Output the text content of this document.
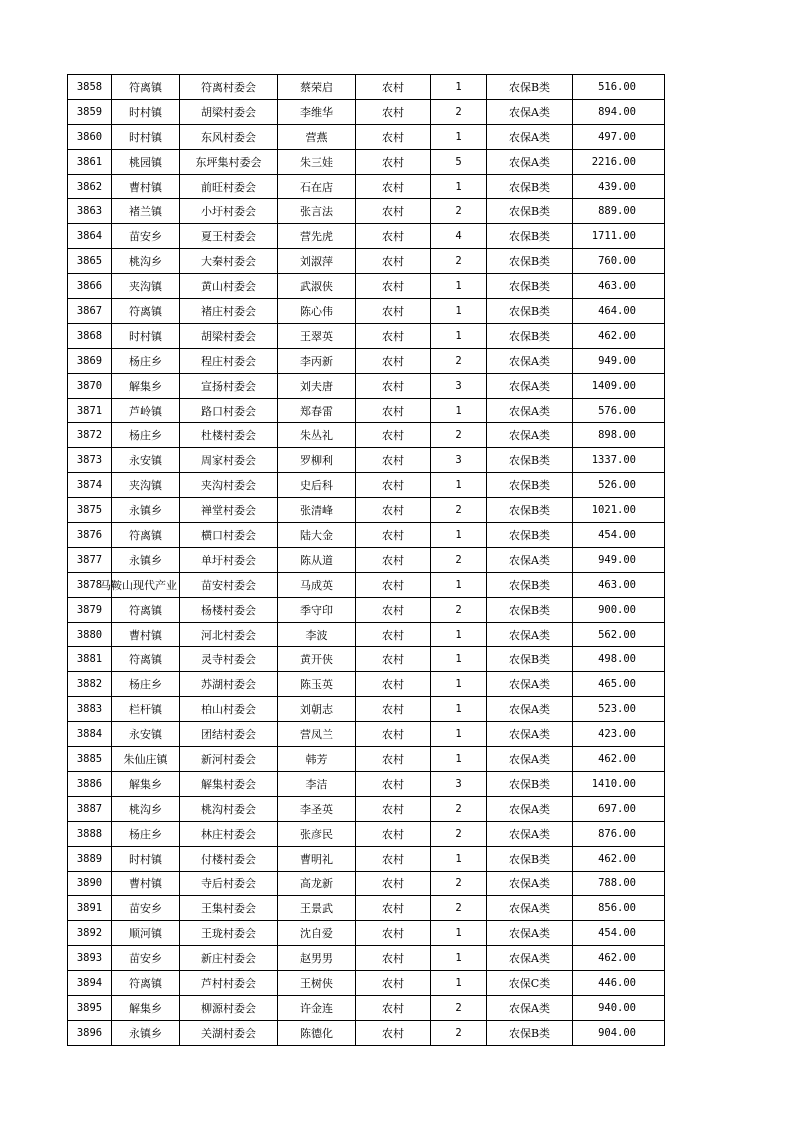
3858	符离镇	符离村委会	蔡荣启	农村	1	农保B类	516.00
3859	时村镇	胡梁村委会	李维华	农村	2	农保A类	894.00
3860	时村镇	东风村委会	营燕	农村	1	农保A类	497.00
3861	桃园镇	东坪集村委会	朱三娃	农村	5	农保A类	2216.00
3862	曹村镇	前旺村委会	石在店	农村	1	农保B类	439.00
3863	褚兰镇	小圩村委会	张言法	农村	2	农保B类	889.00
3864	苗安乡	夏王村委会	营先虎	农村	4	农保B类	1711.00
3865	桃沟乡	大秦村委会	刘淑萍	农村	2	农保B类	760.00
3866	夹沟镇	黄山村委会	武淑侠	农村	1	农保B类	463.00
3867	符离镇	褚庄村委会	陈心伟	农村	1	农保B类	464.00
3868	时村镇	胡梁村委会	王翠英	农村	1	农保B类	462.00
3869	杨庄乡	程庄村委会	李丙新	农村	2	农保A类	949.00
3870	解集乡	宣扬村委会	刘夫唐	农村	3	农保A类	1409.00
3871	芦岭镇	路口村委会	郑春雷	农村	1	农保A类	576.00
3872	杨庄乡	杜楼村委会	朱丛礼	农村	2	农保A类	898.00
3873	永安镇	周家村委会	罗柳利	农村	3	农保B类	1337.00
3874	夹沟镇	夹沟村委会	史后科	农村	1	农保B类	526.00
3875	永镇乡	禅堂村委会	张清峰	农村	2	农保B类	1021.00
3876	符离镇	横口村委会	陆大金	农村	1	农保B类	454.00
3877	永镇乡	单圩村委会	陈从道	农村	2	农保A类	949.00
3878	马鞍山现代产业	苗安村委会	马成英	农村	1	农保B类	463.00
3879	符离镇	杨楼村委会	季守印	农村	2	农保B类	900.00
3880	曹村镇	河北村委会	李波	农村	1	农保A类	562.00
3881	符离镇	灵寺村委会	黄开侠	农村	1	农保B类	498.00
3882	杨庄乡	苏湖村委会	陈玉英	农村	1	农保A类	465.00
3883	栏杆镇	柏山村委会	刘朝志	农村	1	农保A类	523.00
3884	永安镇	团结村委会	营凤兰	农村	1	农保A类	423.00
3885	朱仙庄镇	新河村委会	韩芳	农村	1	农保A类	462.00
3886	解集乡	解集村委会	李洁	农村	3	农保B类	1410.00
3887	桃沟乡	桃沟村委会	李圣英	农村	2	农保A类	697.00
3888	杨庄乡	林庄村委会	张彦民	农村	2	农保A类	876.00
3889	时村镇	付楼村委会	曹明礼	农村	1	农保B类	462.00
3890	曹村镇	寺后村委会	高龙新	农村	2	农保A类	788.00
3891	苗安乡	王集村委会	王景武	农村	2	农保A类	856.00
3892	顺河镇	王珑村委会	沈自爱	农村	1	农保A类	454.00
3893	苗安乡	新庄村委会	赵男男	农村	1	农保A类	462.00
3894	符离镇	芦村村委会	王树侠	农村	1	农保C类	446.00
3895	解集乡	柳源村委会	许金连	农村	2	农保A类	940.00
3896	永镇乡	关湖村委会	陈德化	农村	2	农保B类	904.00
